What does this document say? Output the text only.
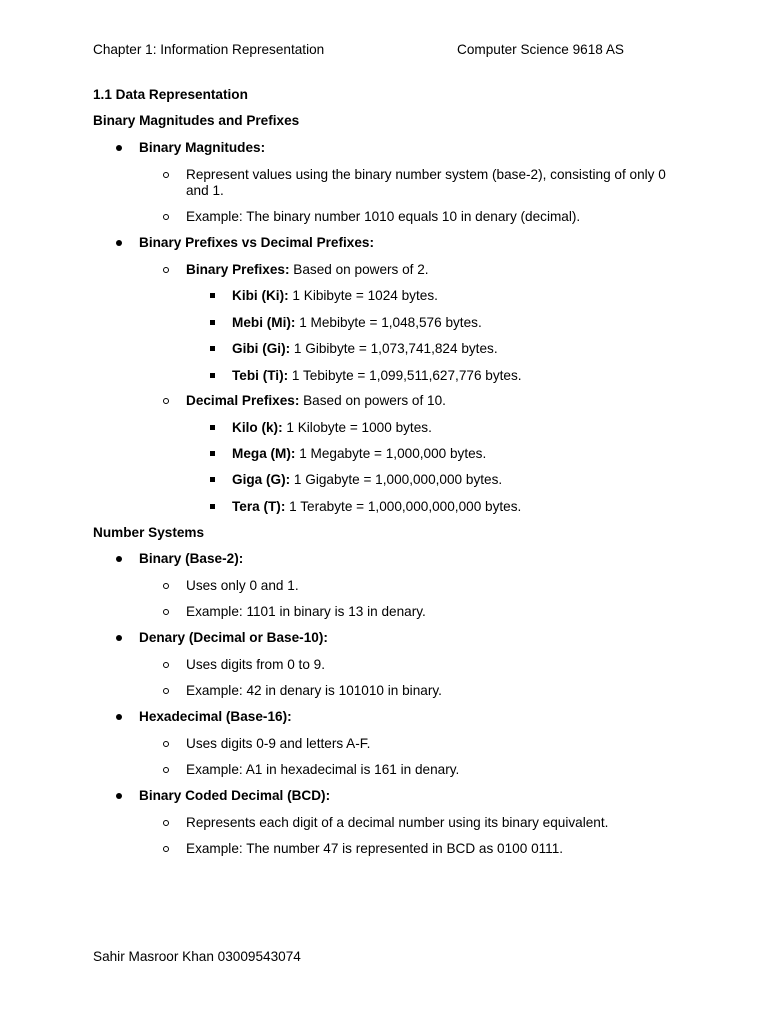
Chapter 1: Information Representation	Computer Science 9618 AS
1.1 Data Representation
Binary Magnitudes and Prefixes
Binary Magnitudes:
Represent values using the binary number system (base-2), consisting of only 0 and 1.
Example: The binary number 1010 equals 10 in denary (decimal).
Binary Prefixes vs Decimal Prefixes:
Binary Prefixes: Based on powers of 2.
Kibi (Ki): 1 Kibibyte = 1024 bytes.
Mebi (Mi): 1 Mebibyte = 1,048,576 bytes.
Gibi (Gi): 1 Gibibyte = 1,073,741,824 bytes.
Tebi (Ti): 1 Tebibyte = 1,099,511,627,776 bytes.
Decimal Prefixes: Based on powers of 10.
Kilo (k): 1 Kilobyte = 1000 bytes.
Mega (M): 1 Megabyte = 1,000,000 bytes.
Giga (G): 1 Gigabyte = 1,000,000,000 bytes.
Tera (T): 1 Terabyte = 1,000,000,000,000 bytes.
Number Systems
Binary (Base-2):
Uses only 0 and 1.
Example: 1101 in binary is 13 in denary.
Denary (Decimal or Base-10):
Uses digits from 0 to 9.
Example: 42 in denary is 101010 in binary.
Hexadecimal (Base-16):
Uses digits 0-9 and letters A-F.
Example: A1 in hexadecimal is 161 in denary.
Binary Coded Decimal (BCD):
Represents each digit of a decimal number using its binary equivalent.
Example: The number 47 is represented in BCD as 0100 0111.
Sahir Masroor Khan 03009543074
